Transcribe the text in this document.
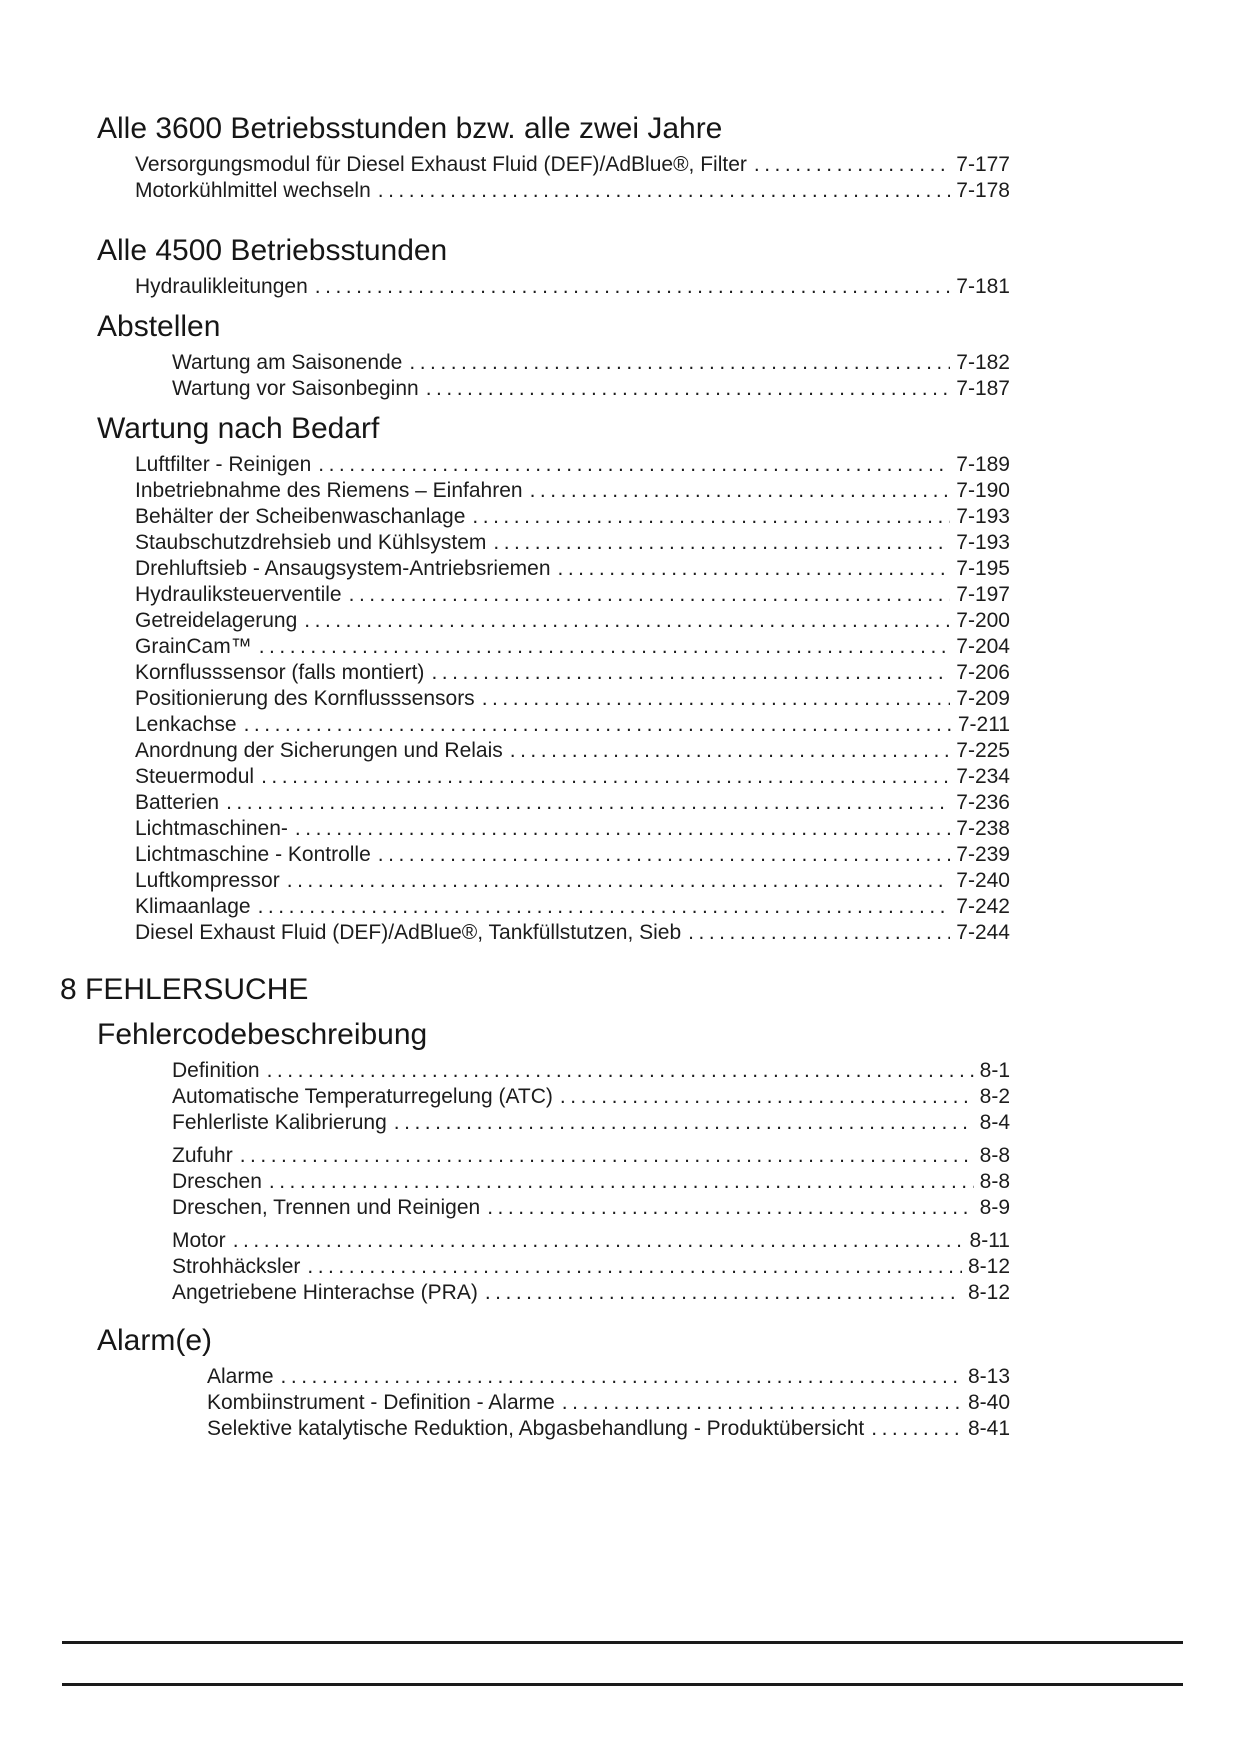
Alle 3600 Betriebsstunden bzw. alle zwei Jahre
Versorgungsmodul für Diesel Exhaust Fluid (DEF)/AdBlue®, Filter .....	7-177
Motorkühlmittel wechseln .....	7-178
Alle 4500 Betriebsstunden
Hydraulikleitungen .....	7-181
Abstellen
Wartung am Saisonende .....	7-182
Wartung vor Saisonbeginn .....	7-187
Wartung nach Bedarf
Luftfilter - Reinigen .....	7-189
Inbetriebnahme des Riemens – Einfahren .....	7-190
Behälter der Scheibenwaschanlage .....	7-193
Staubschutzdrehsieb und Kühlsystem .....	7-193
Drehluftsieb - Ansaugsystem-Antriebsriemen .....	7-195
Hydrauliksteuerventile .....	7-197
Getreidelagerung .....	7-200
GrainCam™ .....	7-204
Kornflusssensor (falls montiert) .....	7-206
Positionierung des Kornflusssensors .....	7-209
Lenkachse .....	7-211
Anordnung der Sicherungen und Relais .....	7-225
Steuermodul .....	7-234
Batterien .....	7-236
Lichtmaschinen- .....	7-238
Lichtmaschine - Kontrolle .....	7-239
Luftkompressor .....	7-240
Klimaanlage .....	7-242
Diesel Exhaust Fluid (DEF)/AdBlue®, Tankfüllstutzen, Sieb .....	7-244
8 FEHLERSUCHE
Fehlercodebeschreibung
Definition .....	8-1
Automatische Temperaturregelung (ATC) .....	8-2
Fehlerliste Kalibrierung .....	8-4
Zufuhr .....	8-8
Dreschen .....	8-8
Dreschen, Trennen und Reinigen .....	8-9
Motor .....	8-11
Strohhäcksler .....	8-12
Angetriebene Hinterachse (PRA) .....	8-12
Alarm(e)
Alarme .....	8-13
Kombiinstrument - Definition - Alarme .....	8-40
Selektive katalytische Reduktion, Abgasbehandlung - Produktübersicht .....	8-41
